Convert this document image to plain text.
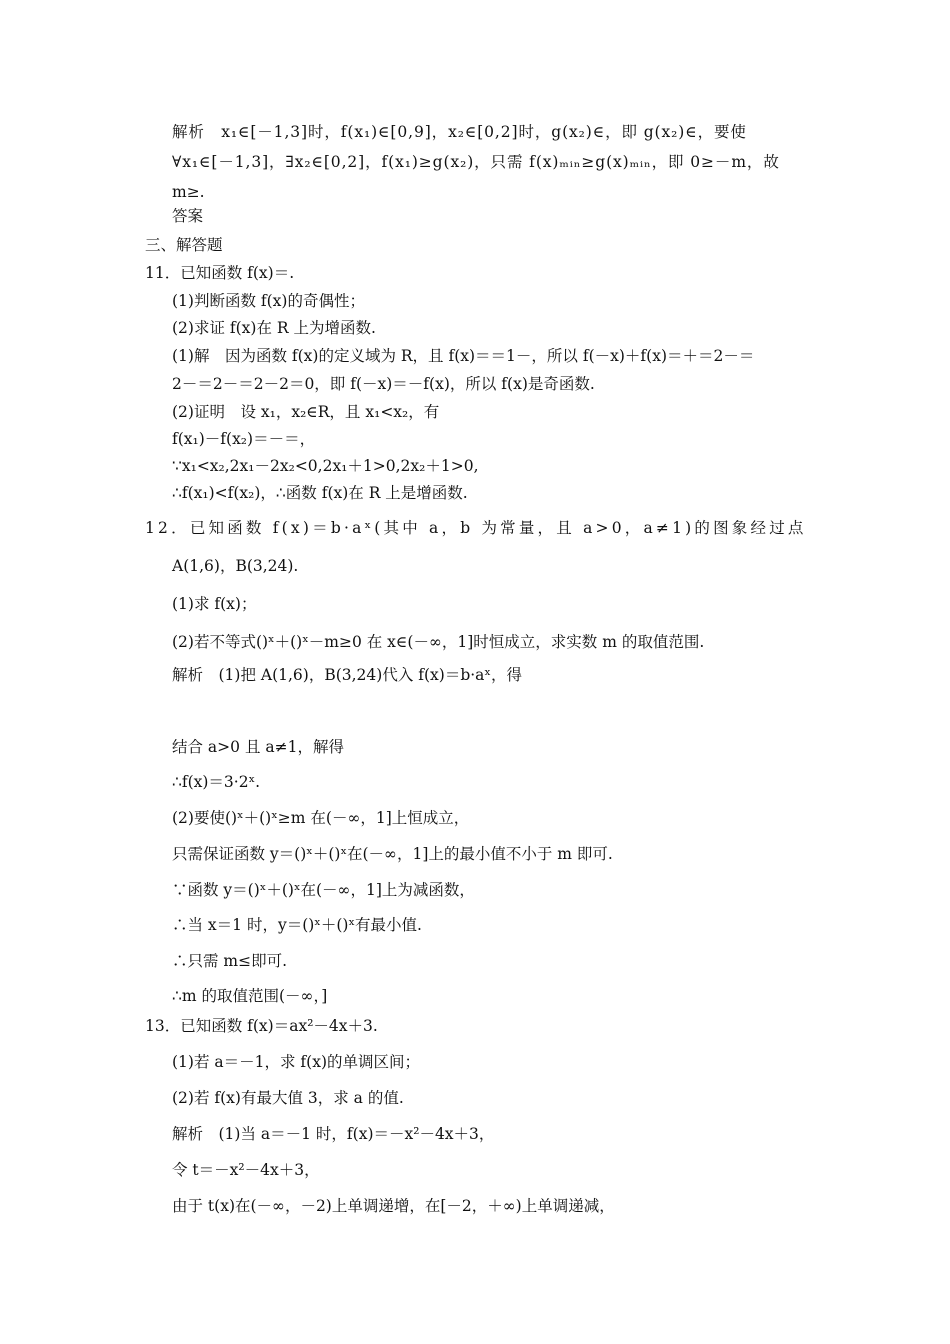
解析　x₁∈[－1,3]时，f(x₁)∈[0,9]，x₂∈[0,2]时，g(x₂)∈，即 g(x₂)∈，要使
∀x₁∈[－1,3]，∃x₂∈[0,2]，f(x₁)≥g(x₂)，只需 f(x)ₘᵢₙ≥g(x)ₘᵢₙ，即 0≥－m，故
m≥.
答案
三、解答题
11．已知函数 f(x)＝.
(1)判断函数 f(x)的奇偶性；
(2)求证 f(x)在 R 上为增函数.
(1)解　因为函数 f(x)的定义域为 R，且 f(x)＝＝1－，所以 f(－x)＋f(x)＝＋＝2－＝
2－＝2－＝2－2＝0，即 f(－x)＝－f(x)，所以 f(x)是奇函数.
(2)证明　设 x₁，x₂∈R，且 x₁<x₂，有
f(x₁)－f(x₂)＝－＝，
∵x₁<x₂,2x₁－2x₂<0,2x₁＋1>0,2x₂＋1>0,
∴f(x₁)<f(x₂)，∴函数 f(x)在 R 上是增函数.
12．已知函数 f(x)＝b·aˣ(其中 a，b 为常量，且 a>0，a≠1)的图象经过点
A(1,6)，B(3,24).
(1)求 f(x)；
(2)若不等式()ˣ＋()ˣ－m≥0 在 x∈(－∞，1]时恒成立，求实数 m 的取值范围.
解析　(1)把 A(1,6)，B(3,24)代入 f(x)＝b·aˣ，得
结合 a>0 且 a≠1，解得
∴f(x)＝3·2ˣ.
(2)要使()ˣ＋()ˣ≥m 在(－∞，1]上恒成立，
只需保证函数 y＝()ˣ＋()ˣ在(－∞，1]上的最小值不小于 m 即可.
∵函数 y＝()ˣ＋()ˣ在(－∞，1]上为减函数，
∴当 x＝1 时，y＝()ˣ＋()ˣ有最小值.
∴只需 m≤即可.
∴m 的取值范围(－∞，]
13．已知函数 f(x)＝ax²－4x＋3.
(1)若 a＝－1，求 f(x)的单调区间；
(2)若 f(x)有最大值 3，求 a 的值.
解析　(1)当 a＝－1 时，f(x)＝－x²－4x＋3，
令 t＝－x²－4x＋3，
由于 t(x)在(－∞，－2)上单调递增，在[－2，＋∞)上单调递减，
